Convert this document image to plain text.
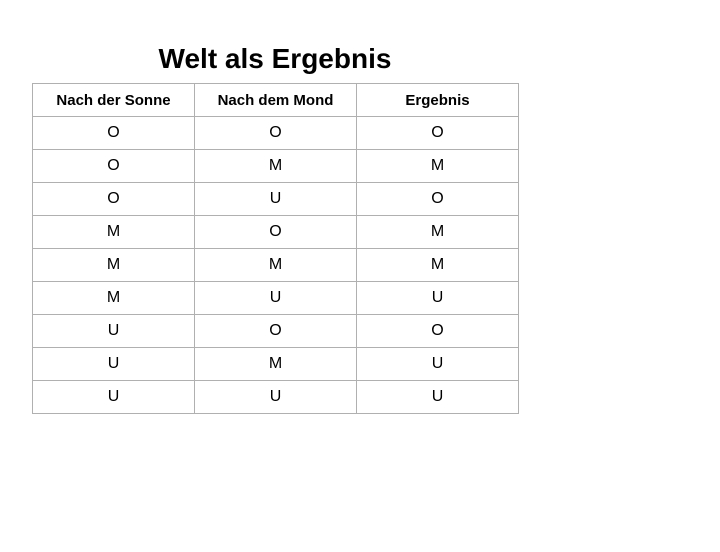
Welt als Ergebnis
Nach der Sonne	Nach dem Mond	Ergebnis
O	O	O
O	M	M
O	U	O
M	O	M
M	M	M
M	U	U
U	O	O
U	M	U
U	U	U
